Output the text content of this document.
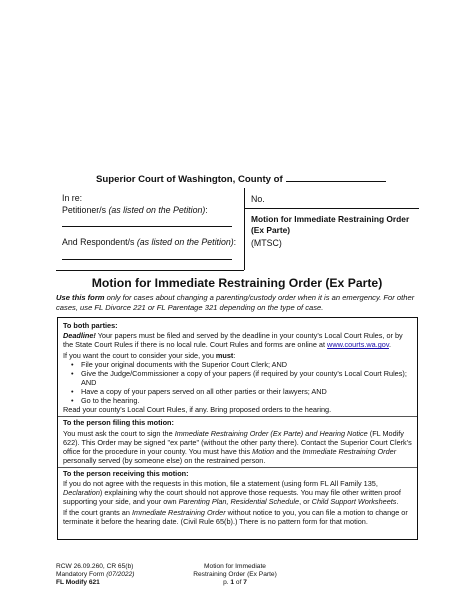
Superior Court of Washington, County of
In re:
Petitioner/s (as listed on the Petition):
And Respondent/s (as listed on the Petition):
No.
Motion for Immediate Restraining Order (Ex Parte)
(MTSC)
Motion for Immediate Restraining Order (Ex Parte)
Use this form only for cases about changing a parenting/custody order when it is an emergency. For other cases, use FL Divorce 221 or FL Parentage 321 depending on the type of case.

To both parties:

Deadline! Your papers must be filed and served by the deadline in your county's Local Court Rules, or by the State Court Rules if there is no local rule. Court Rules and forms are online at www.courts.wa.gov.

If you want the court to consider your side, you must:

• File your original documents with the Superior Court Clerk; AND
• Give the Judge/Commissioner a copy of your papers (if required by your county's Local Court Rules); AND
• Have a copy of your papers served on all other parties or their lawyers; AND
• Go to the hearing.

Read your county's Local Court Rules, if any. Bring proposed orders to the hearing.

To the person filing this motion:

You must ask the court to sign the Immediate Restraining Order (Ex Parte) and Hearing Notice (FL Modify 622). This Order may be signed "ex parte" (without the other party there). Contact the Superior Court Clerk's office for the procedure in your county. You must have this Motion and the Immediate Restraining Order personally served (by someone else) on the restrained person.

To the person receiving this motion:

If you do not agree with the requests in this motion, file a statement (using form FL All Family 135, Declaration) explaining why the court should not approve those requests. You may file other written proof supporting your side, and your own Parenting Plan, Residential Schedule, or Child Support Worksheets.

If the court grants an Immediate Restraining Order without notice to you, you can file a motion to change or terminate it before the hearing date. (Civil Rule 65(b).) There is no pattern form for that motion.

RCW 26.09.260, CR 65(b)
Mandatory Form (07/2022)
FL Modify 621
Motion for Immediate
Restraining Order (Ex Parte)
p. 1 of 7
